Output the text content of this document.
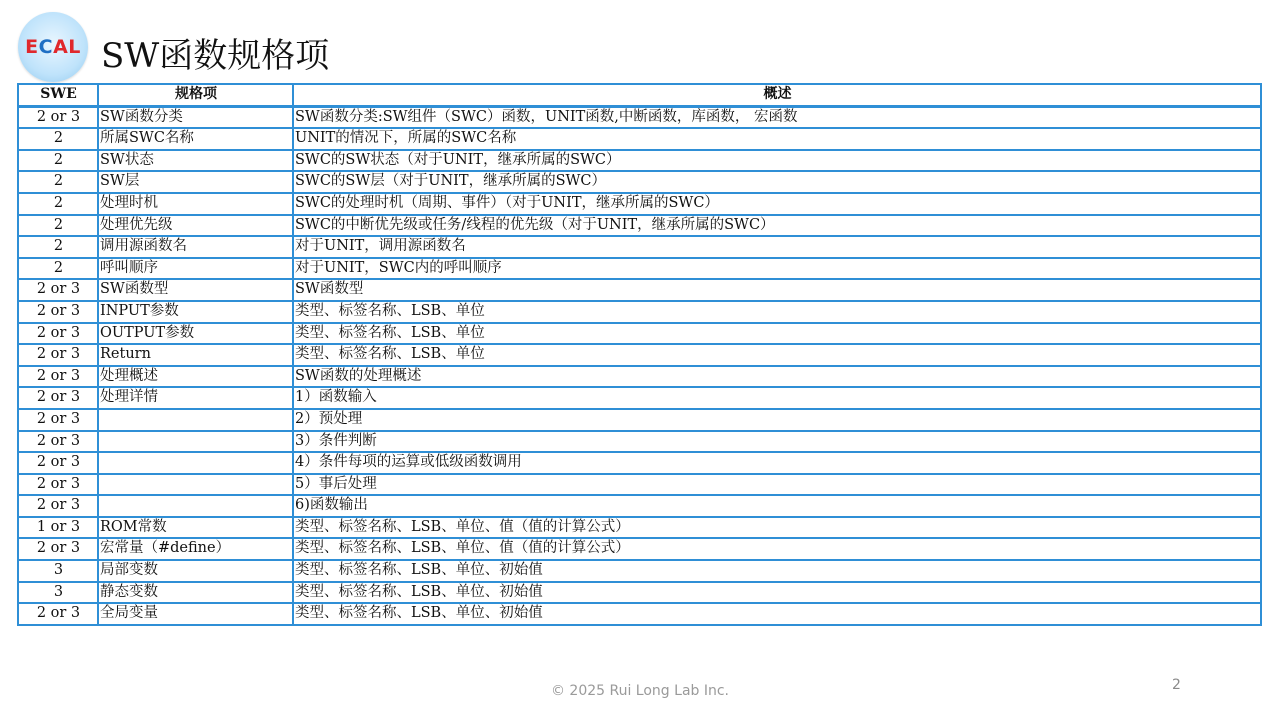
ECAL SW函数规格项
SWE	规格项	概述
2 or 3	SW函数分类	SW函数分类:SW组件（SWC）函数，UNIT函数,中断函数，库函数， 宏函数
2	所属SWC名称	UNIT的情况下，所属的SWC名称
2	SW状态	SWC的SW状态（对于UNIT，继承所属的SWC）
2	SW层	SWC的SW层（对于UNIT，继承所属的SWC）
2	处理时机	SWC的处理时机（周期、事件）（对于UNIT，继承所属的SWC）
2	处理优先级	SWC的中断优先级或任务/线程的优先级（对于UNIT，继承所属的SWC）
2	调用源函数名	对于UNIT，调用源函数名
2	呼叫顺序	对于UNIT，SWC内的呼叫顺序
2 or 3	SW函数型	SW函数型
2 or 3	INPUT参数	类型、标签名称、LSB、单位
2 or 3	OUTPUT参数	类型、标签名称、LSB、单位
2 or 3	Return	类型、标签名称、LSB、单位
2 or 3	处理概述	SW函数的处理概述
2 or 3	处理详情	1）函数输入
2 or 3		2）预处理
2 or 3		3）条件判断
2 or 3		4）条件每项的运算或低级函数调用
2 or 3		5）事后处理
2 or 3		6)函数输出
1 or 3	ROM常数	类型、标签名称、LSB、单位、值（值的计算公式）
2 or 3	宏常量（#define）	类型、标签名称、LSB、单位、值（值的计算公式）
3	局部变数	类型、标签名称、LSB、单位、初始值
3	静态变数	类型、标签名称、LSB、单位、初始值
2 or 3	全局变量	类型、标签名称、LSB、单位、初始值
© 2025 Rui Long Lab Inc.	2
